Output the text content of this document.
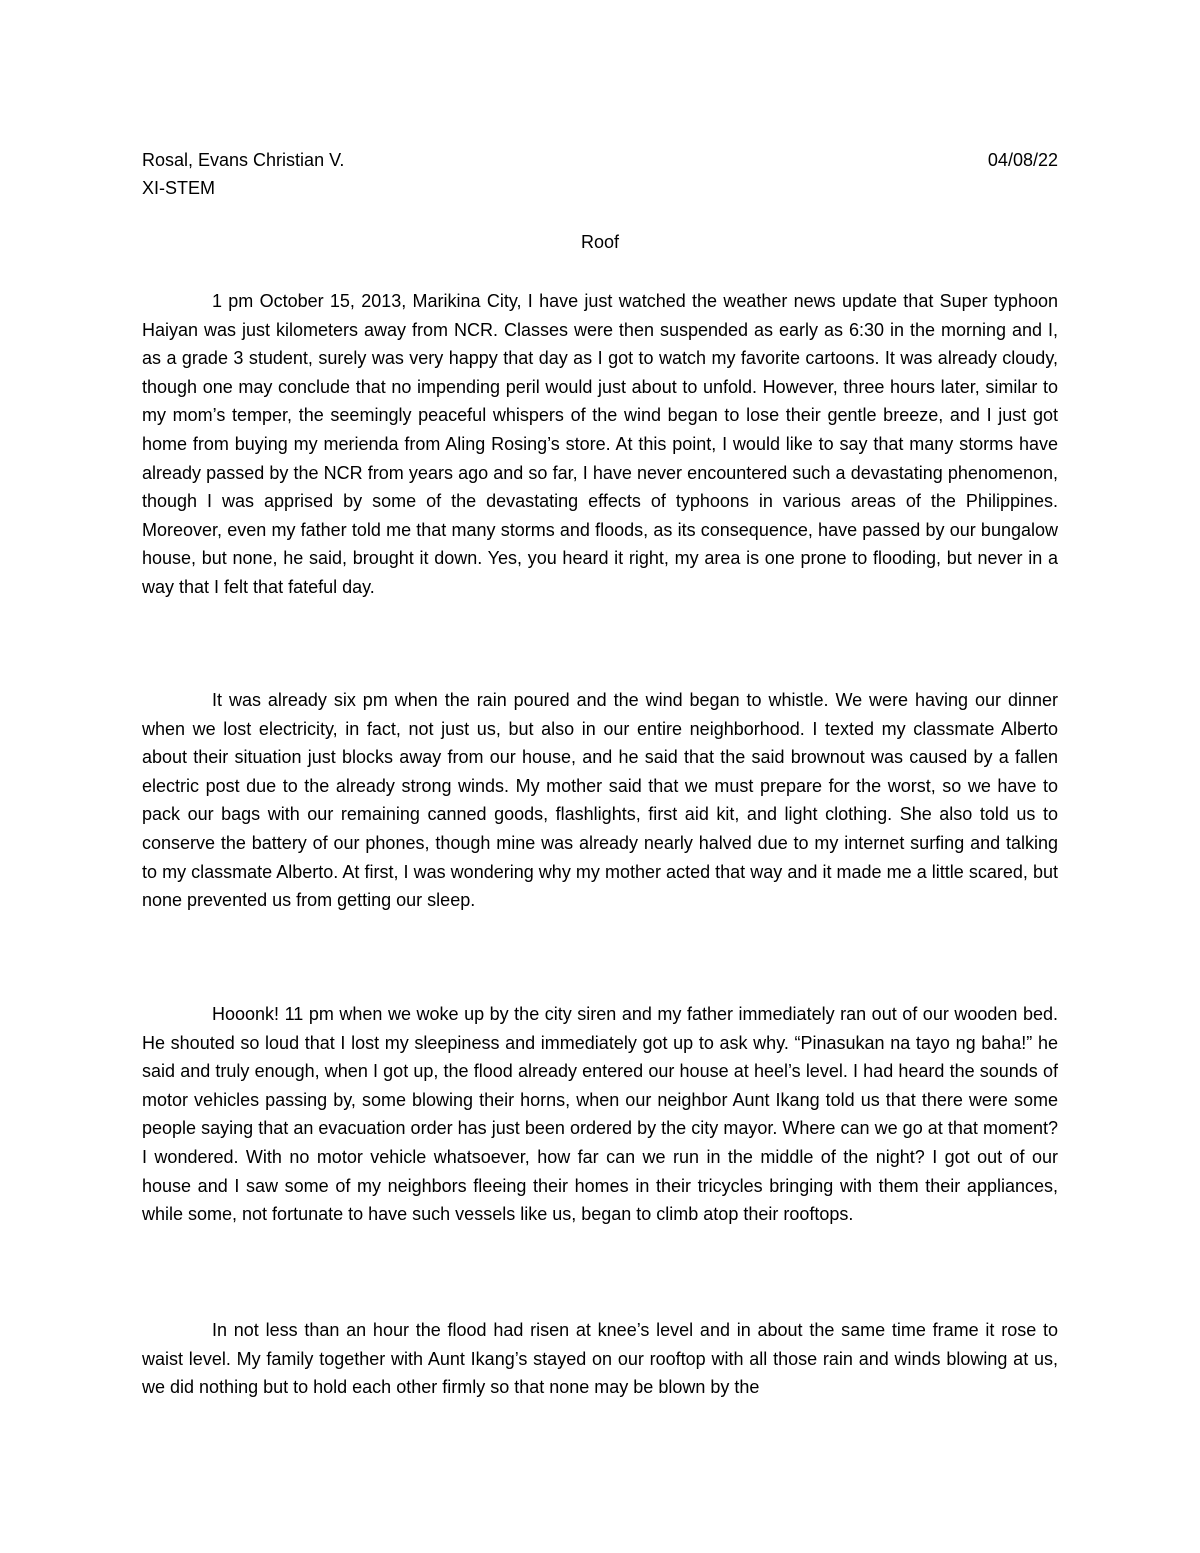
Rosal, Evans Christian V.	04/08/22
XI-STEM
Roof

1 pm October 15, 2013, Marikina City, I have just watched the weather news update that Super typhoon Haiyan was just kilometers away from NCR. Classes were then suspended as early as 6:30 in the morning and I, as a grade 3 student, surely was very happy that day as I got to watch my favorite cartoons. It was already cloudy, though one may conclude that no impending peril would just about to unfold. However, three hours later, similar to my mom’s temper, the seemingly peaceful whispers of the wind began to lose their gentle breeze, and I just got home from buying my merienda from Aling Rosing’s store. At this point, I would like to say that many storms have already passed by the NCR from years ago and so far, I have never encountered such a devastating phenomenon, though I was apprised by some of the devastating effects of typhoons in various areas of the Philippines. Moreover, even my father told me that many storms and floods, as its consequence, have passed by our bungalow house, but none, he said, brought it down. Yes, you heard it right, my area is one prone to flooding, but never in a way that I felt that fateful day.

It was already six pm when the rain poured and the wind began to whistle. We were having our dinner when we lost electricity, in fact, not just us, but also in our entire neighborhood. I texted my classmate Alberto about their situation just blocks away from our house, and he said that the said brownout was caused by a fallen electric post due to the already strong winds. My mother said that we must prepare for the worst, so we have to pack our bags with our remaining canned goods, flashlights, first aid kit, and light clothing. She also told us to conserve the battery of our phones, though mine was already nearly halved due to my internet surfing and talking to my classmate Alberto. At first, I was wondering why my mother acted that way and it made me a little scared, but none prevented us from getting our sleep.

Hooonk! 11 pm when we woke up by the city siren and my father immediately ran out of our wooden bed. He shouted so loud that I lost my sleepiness and immediately got up to ask why. “Pinasukan na tayo ng baha!” he said and truly enough, when I got up, the flood already entered our house at heel’s level. I had heard the sounds of motor vehicles passing by, some blowing their horns, when our neighbor Aunt Ikang told us that there were some people saying that an evacuation order has just been ordered by the city mayor. Where can we go at that moment? I wondered. With no motor vehicle whatsoever, how far can we run in the middle of the night? I got out of our house and I saw some of my neighbors fleeing their homes in their tricycles bringing with them their appliances, while some, not fortunate to have such vessels like us, began to climb atop their rooftops.

In not less than an hour the flood had risen at knee’s level and in about the same time frame it rose to waist level. My family together with Aunt Ikang’s stayed on our rooftop with all those rain and winds blowing at us, we did nothing but to hold each other firmly so that none may be blown by the
